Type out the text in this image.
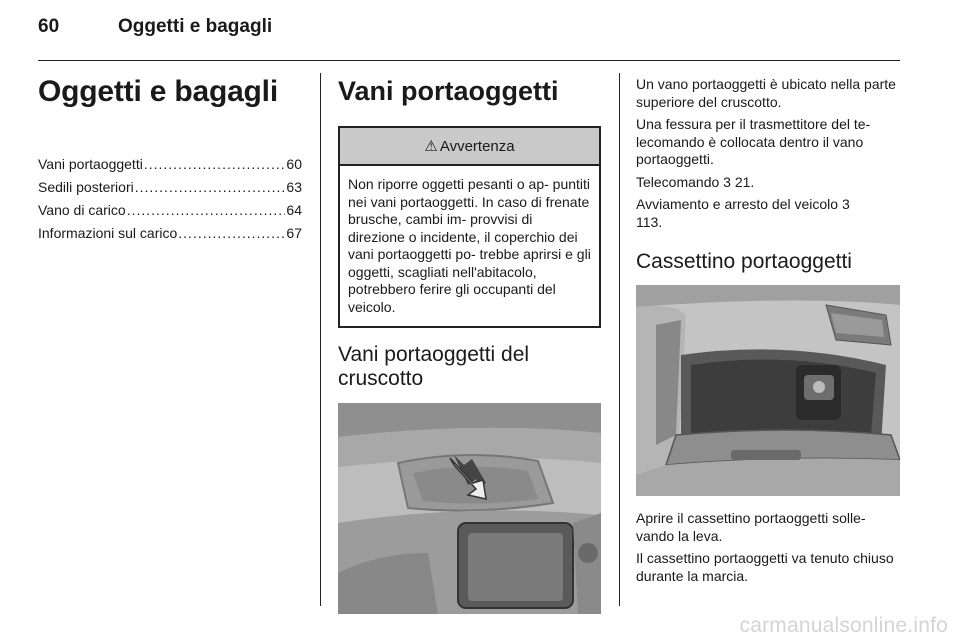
60	Oggetti e bagagli
Oggetti e bagagli
Vani portaoggetti .....	60
Sedili posteriori .....	63
Vano di carico .....	64
Informazioni sul carico .....	67
Vani portaoggetti
⚠ Avvertenza
Non riporre oggetti pesanti o ap- puntiti nei vani portaoggetti. In caso di frenate brusche, cambi im- provvisi di direzione o incidente, il coperchio dei vani portaoggetti po- trebbe aprirsi e gli oggetti, scagliati nell'abitacolo, potrebbero ferire gli occupanti del veicolo.
Vani portaoggetti del cruscotto

Un vano portaoggetti è ubicato nella parte superiore del cruscotto.

Una fessura per il trasmettitore del te- lecomando è collocata dentro il vano portaoggetti.

Telecomando 3 21.

Avviamento e arresto del veicolo 3 113.

Cassettino portaoggetti

Aprire il cassettino portaoggetti solle- vando la leva.

Il cassettino portaoggetti va tenuto chiuso durante la marcia.

carmanualsonline.info
